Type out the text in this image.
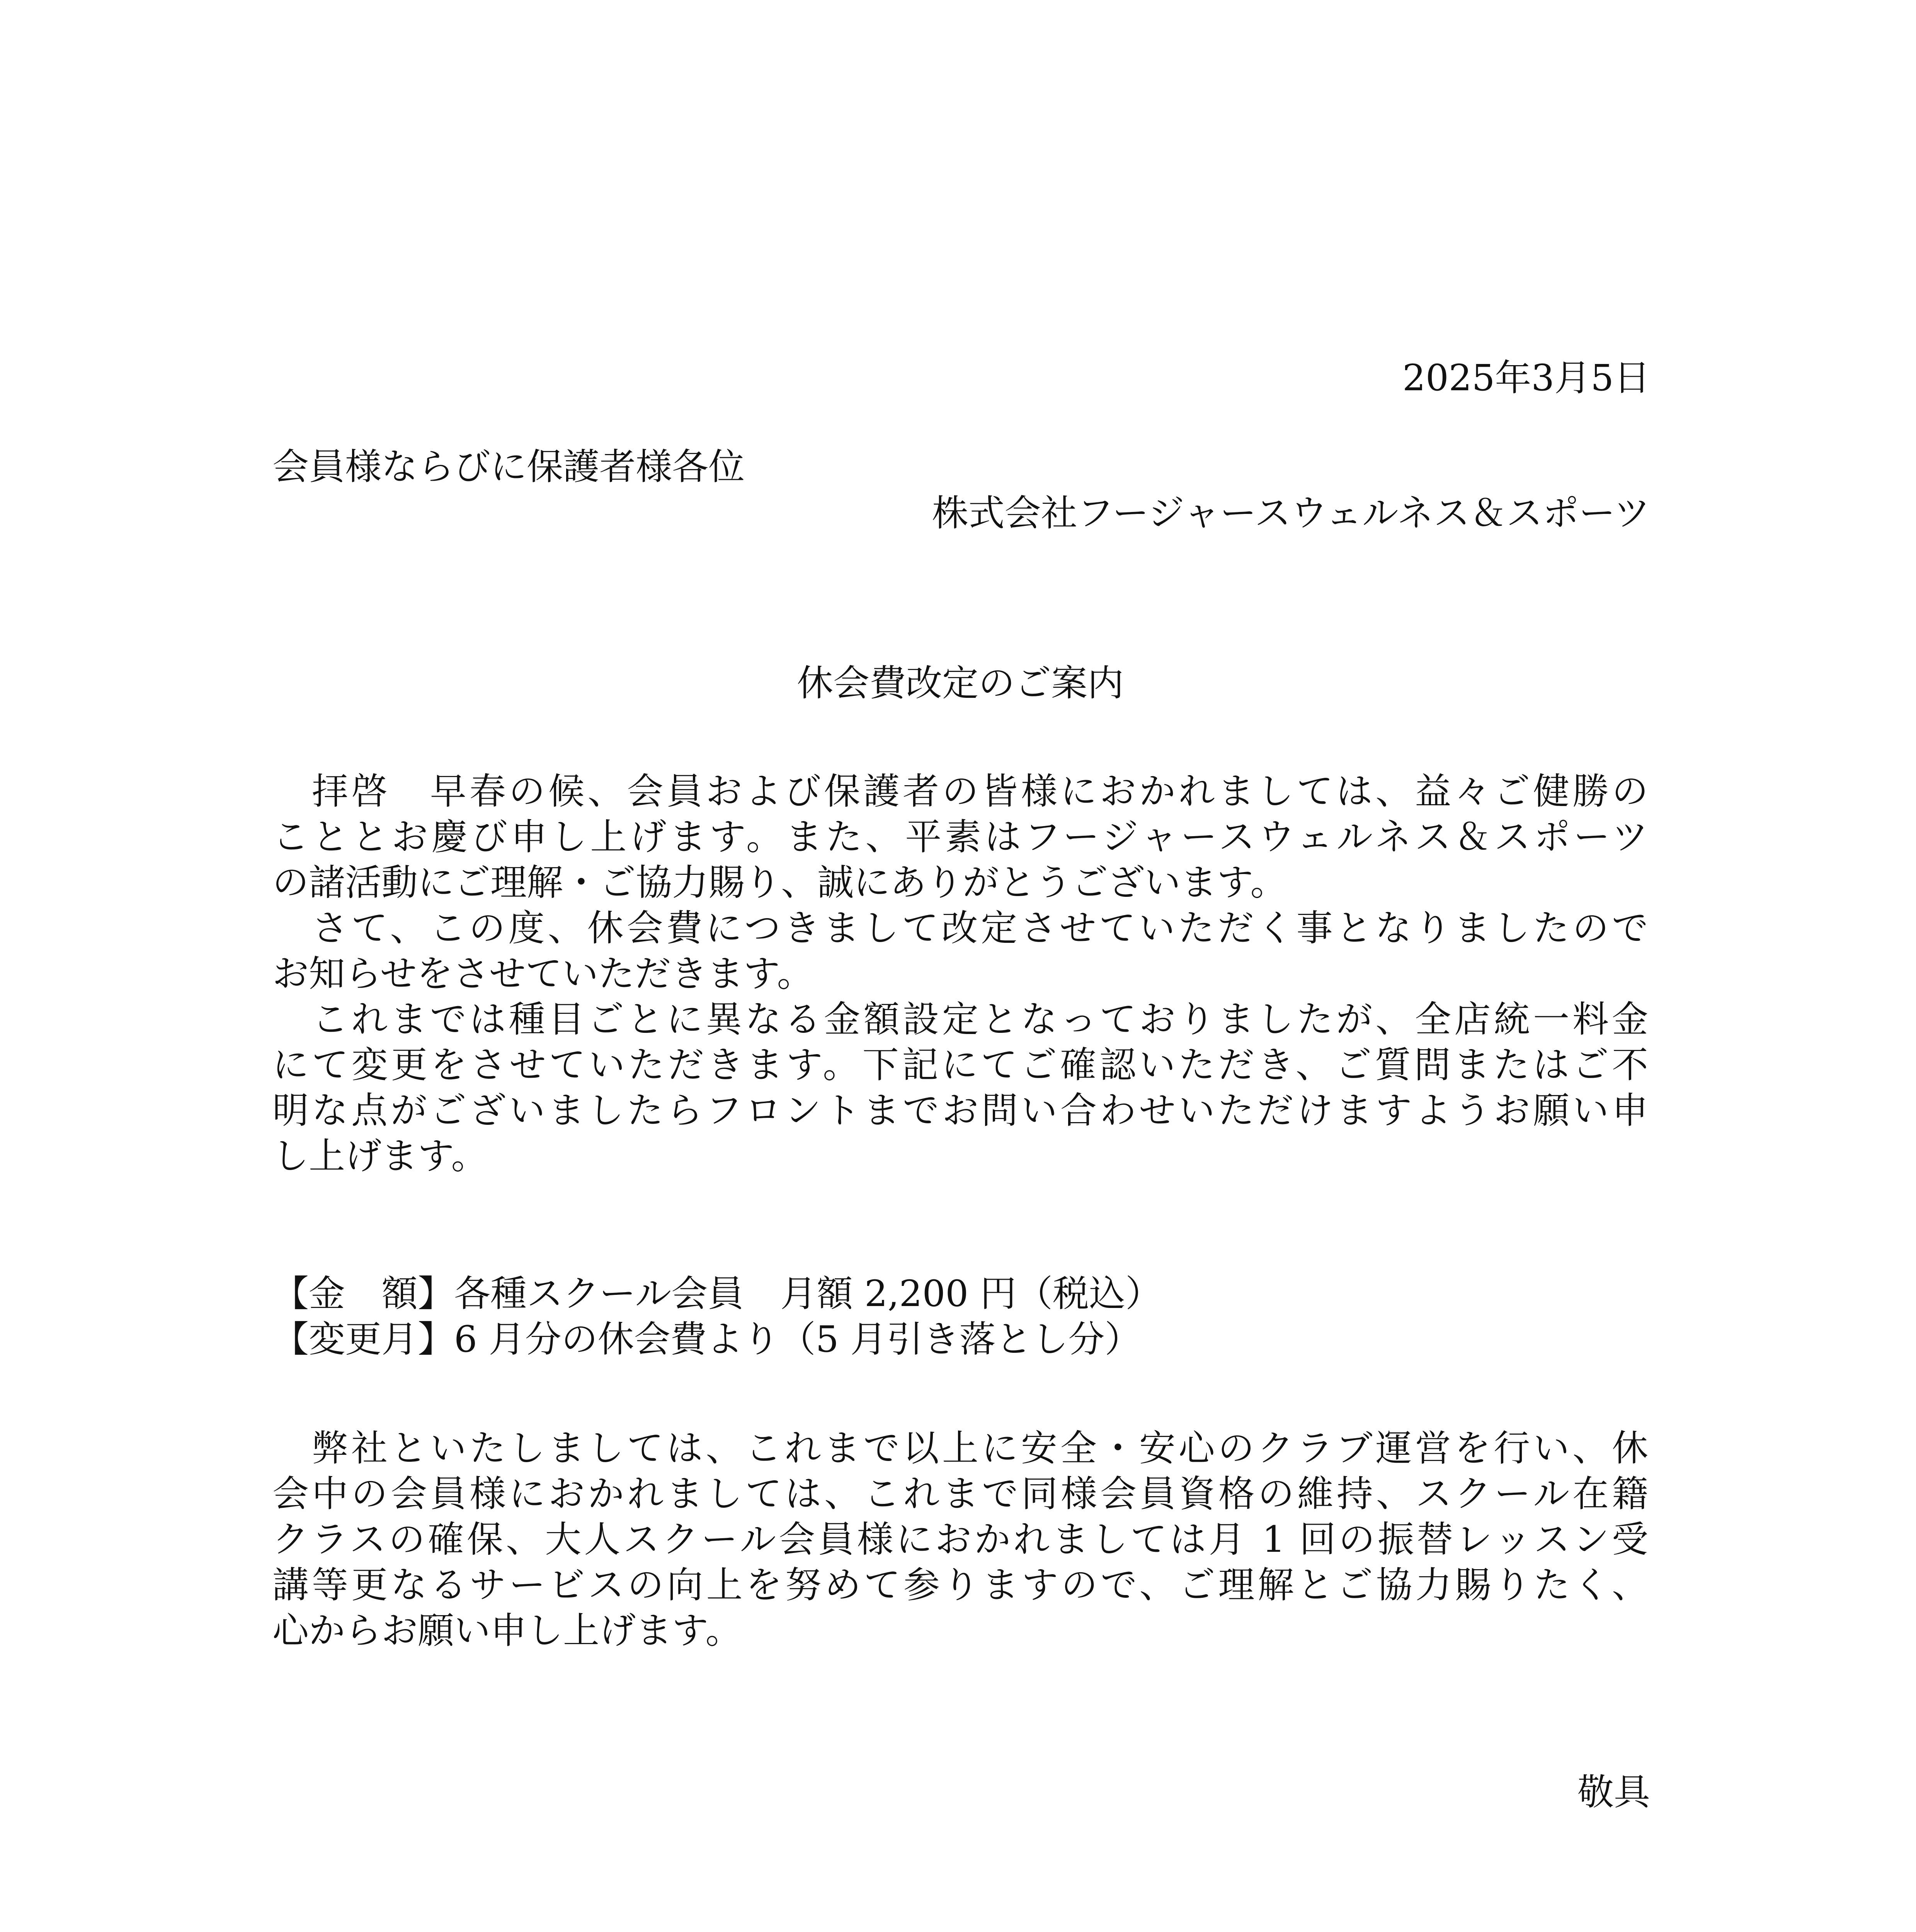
2025年3月5日
会員様ならびに保護者様各位
株式会社フージャースウェルネス＆スポーツ
休会費改定のご案内
　拝啓　早春の候、会員および保護者の皆様におかれましては、益々ご健勝の
こととお慶び申し上げます。また、平素はフージャースウェルネス＆スポーツ
の諸活動にご理解・ご協力賜り、誠にありがとうございます。
　さて、この度、休会費につきまして改定させていただく事となりましたので
お知らせをさせていただきます。
　これまでは種目ごとに異なる金額設定となっておりましたが、全店統一料金
にて変更をさせていただきます。下記にてご確認いただき、ご質問またはご不
明な点がございましたらフロントまでお問い合わせいただけますようお願い申
し上げます。
【金　額】各種スクール会員　月額 2,200 円（税込）
【変更月】6 月分の休会費より（5 月引き落とし分）
　弊社といたしましては、これまで以上に安全・安心のクラブ運営を行い、休
会中の会員様におかれましては、これまで同様会員資格の維持、スクール在籍
クラスの確保、大人スクール会員様におかれましては月 1 回の振替レッスン受
講等更なるサービスの向上を努めて参りますので、ご理解とご協力賜りたく、
心からお願い申し上げます。
敬具
